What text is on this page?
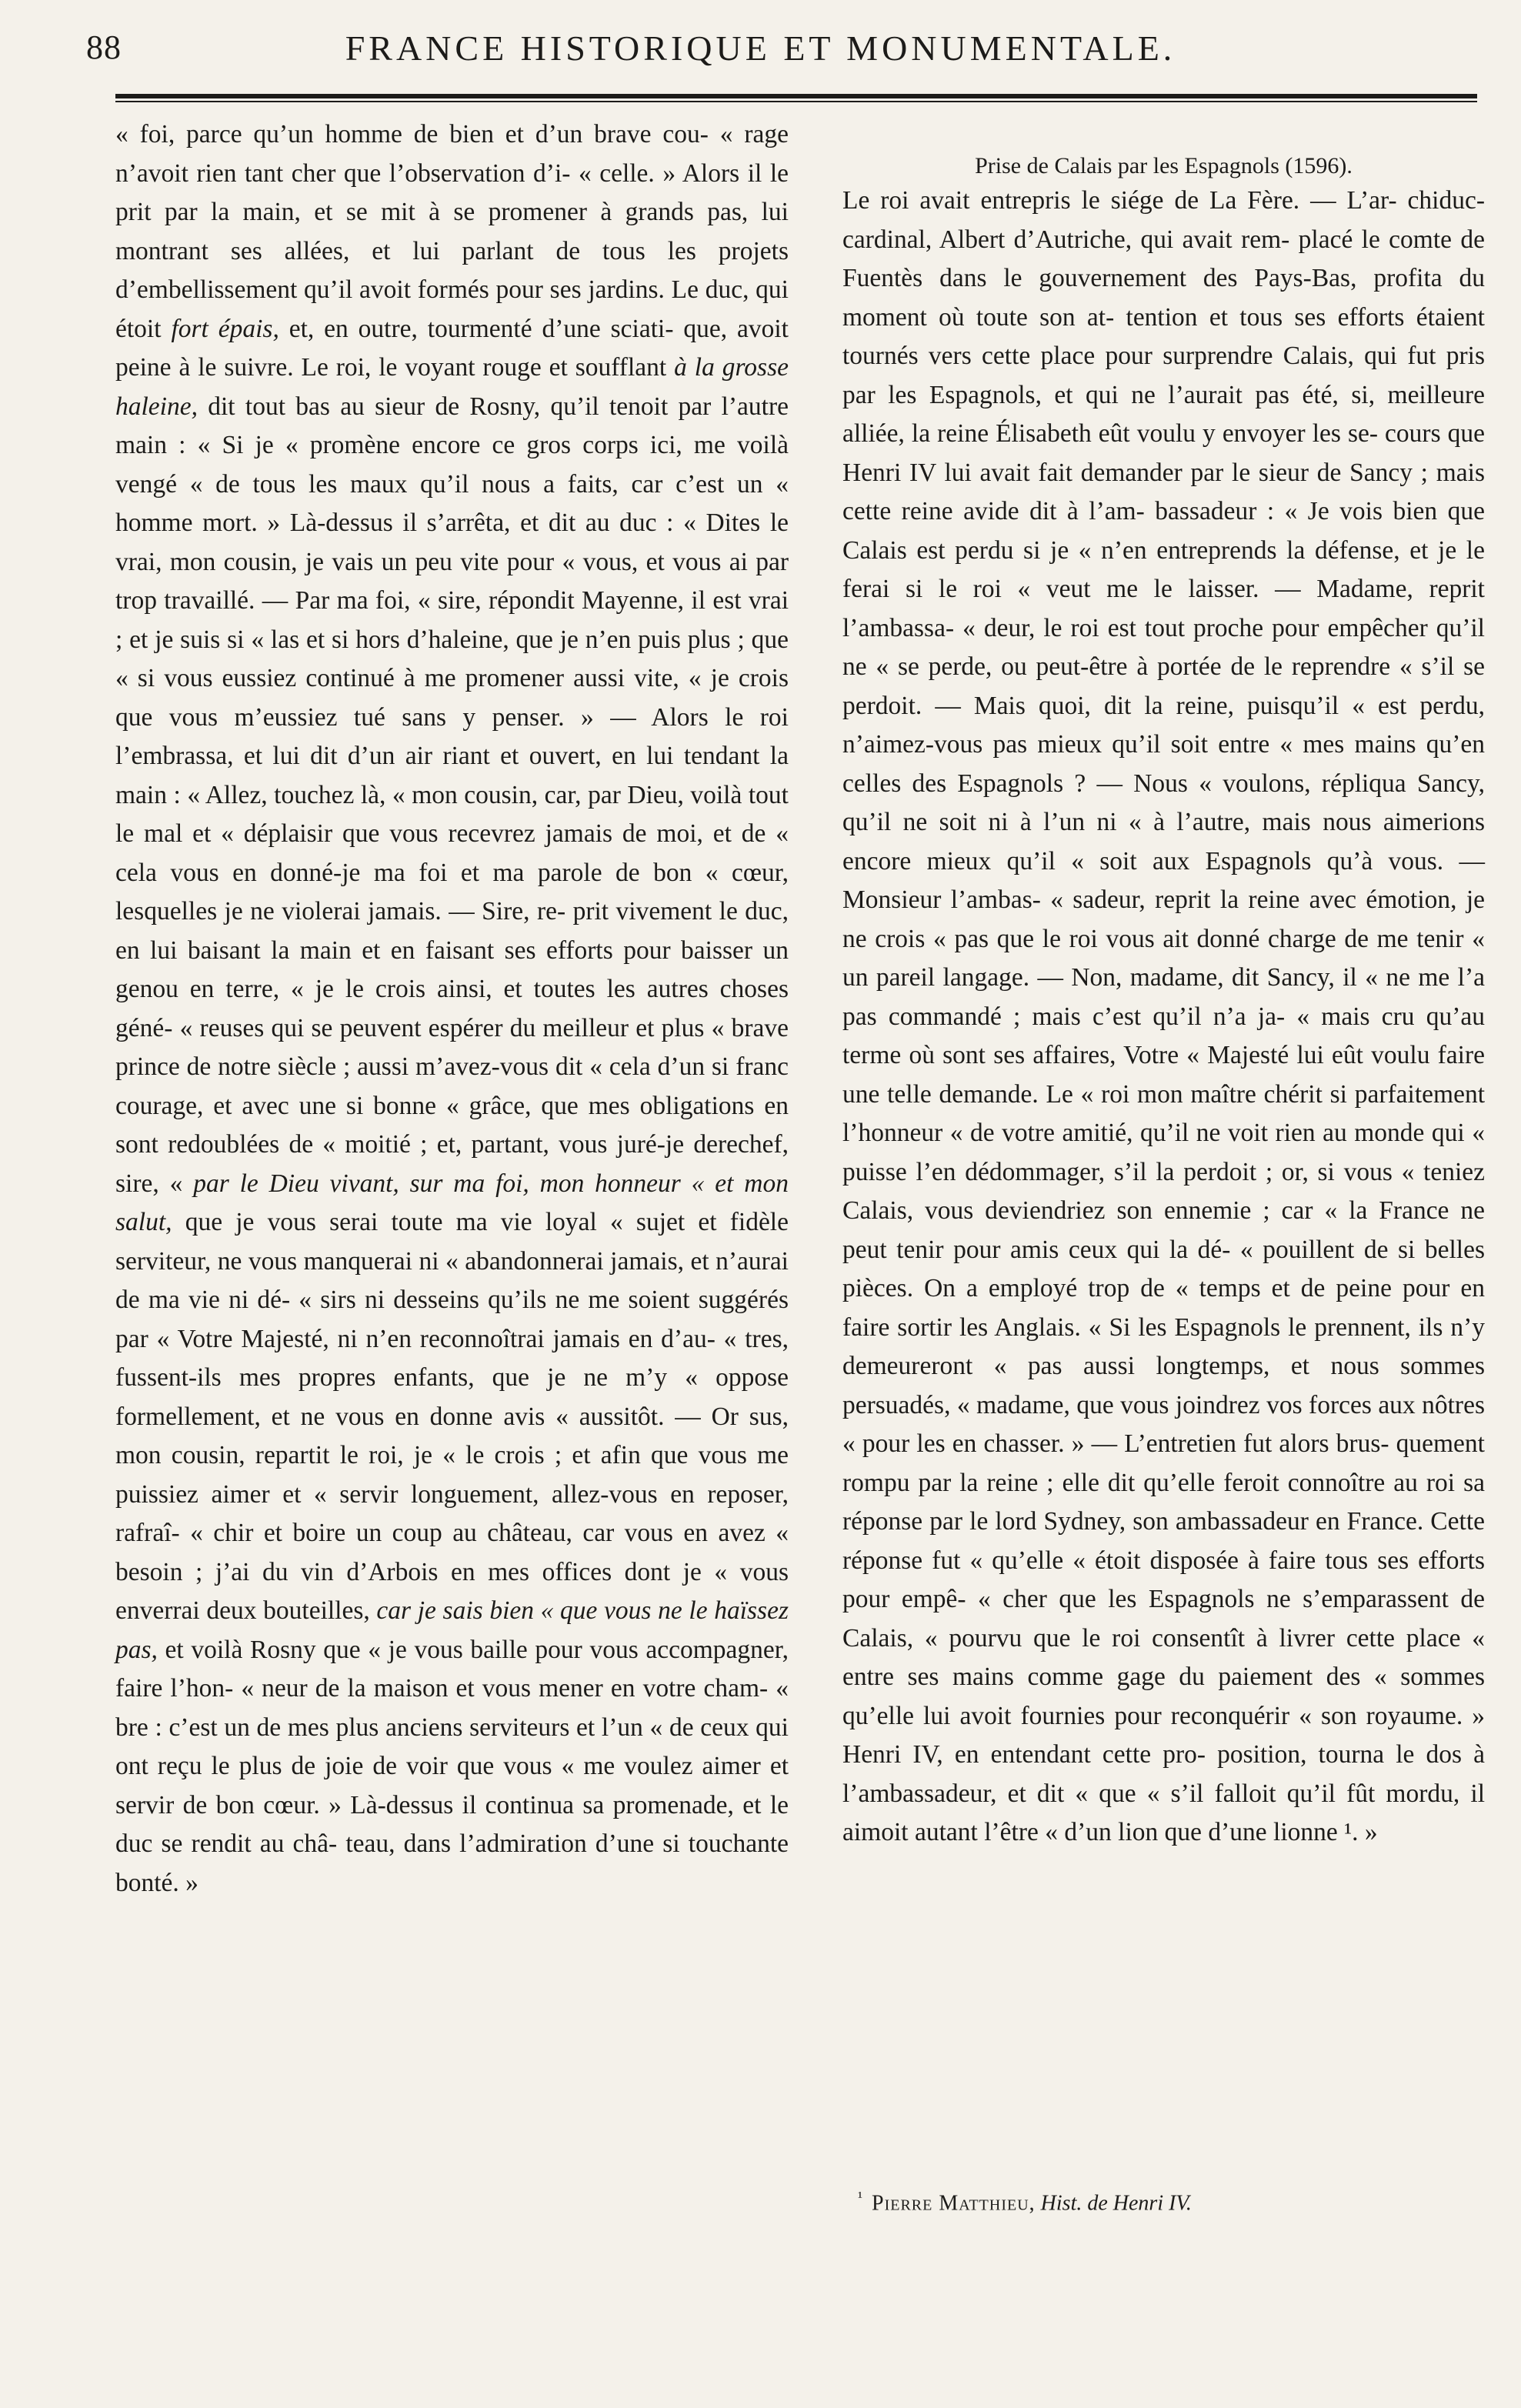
88	FRANCE HISTORIQUE ET MONUMENTALE.

« foi, parce qu’un homme de bien et d’un brave cou- « rage n’avoit rien tant cher que l’observation d’i- « celle. » Alors il le prit par la main, et se mit à se promener à grands pas, lui montrant ses allées, et lui parlant de tous les projets d’embellissement qu’il avoit formés pour ses jardins. Le duc, qui étoit fort épais, et, en outre, tourmenté d’une sciati- que, avoit peine à le suivre. Le roi, le voyant rouge et soufflant à la grosse haleine, dit tout bas au sieur de Rosny, qu’il tenoit par l’autre main : « Si je « promène encore ce gros corps ici, me voilà vengé « de tous les maux qu’il nous a faits, car c’est un « homme mort. » Là-dessus il s’arrêta, et dit au duc : « Dites le vrai, mon cousin, je vais un peu vite pour « vous, et vous ai par trop travaillé. — Par ma foi, « sire, répondit Mayenne, il est vrai ; et je suis si « las et si hors d’haleine, que je n’en puis plus ; que « si vous eussiez continué à me promener aussi vite, « je crois que vous m’eussiez tué sans y penser. » — Alors le roi l’embrassa, et lui dit d’un air riant et ouvert, en lui tendant la main : « Allez, touchez là, « mon cousin, car, par Dieu, voilà tout le mal et « déplaisir que vous recevrez jamais de moi, et de « cela vous en donné-je ma foi et ma parole de bon « cœur, lesquelles je ne violerai jamais. — Sire, re- prit vivement le duc, en lui baisant la main et en faisant ses efforts pour baisser un genou en terre, « je le crois ainsi, et toutes les autres choses géné- « reuses qui se peuvent espérer du meilleur et plus « brave prince de notre siècle ; aussi m’avez-vous dit « cela d’un si franc courage, et avec une si bonne « grâce, que mes obligations en sont redoublées de « moitié ; et, partant, vous juré-je derechef, sire, « par le Dieu vivant, sur ma foi, mon honneur « et mon salut, que je vous serai toute ma vie loyal « sujet et fidèle serviteur, ne vous manquerai ni « abandonnerai jamais, et n’aurai de ma vie ni dé- « sirs ni desseins qu’ils ne me soient suggérés par « Votre Majesté, ni n’en reconnoîtrai jamais en d’au- « tres, fussent-ils mes propres enfants, que je ne m’y « oppose formellement, et ne vous en donne avis « aussitôt. — Or sus, mon cousin, repartit le roi, je « le crois ; et afin que vous me puissiez aimer et « servir longuement, allez-vous en reposer, rafraî- « chir et boire un coup au château, car vous en avez « besoin ; j’ai du vin d’Arbois en mes offices dont je « vous enverrai deux bouteilles, car je sais bien « que vous ne le haïssez pas, et voilà Rosny que « je vous baille pour vous accompagner, faire l’hon- « neur de la maison et vous mener en votre cham- « bre : c’est un de mes plus anciens serviteurs et l’un « de ceux qui ont reçu le plus de joie de voir que vous « me voulez aimer et servir de bon cœur. » Là-dessus il continua sa promenade, et le duc se rendit au châ- teau, dans l’admiration d’une si touchante bonté. »

Prise de Calais par les Espagnols (1596).

Le roi avait entrepris le siége de La Fère. — L’ar- chiduc-cardinal, Albert d’Autriche, qui avait rem- placé le comte de Fuentès dans le gouvernement des Pays-Bas, profita du moment où toute son at- tention et tous ses efforts étaient tournés vers cette place pour surprendre Calais, qui fut pris par les Espagnols, et qui ne l’aurait pas été, si, meilleure alliée, la reine Élisabeth eût voulu y envoyer les se- cours que Henri IV lui avait fait demander par le sieur de Sancy ; mais cette reine avide dit à l’am- bassadeur : « Je vois bien que Calais est perdu si je « n’en entreprends la défense, et je le ferai si le roi « veut me le laisser. — Madame, reprit l’ambassa- « deur, le roi est tout proche pour empêcher qu’il ne « se perde, ou peut-être à portée de le reprendre « s’il se perdoit. — Mais quoi, dit la reine, puisqu’il « est perdu, n’aimez-vous pas mieux qu’il soit entre « mes mains qu’en celles des Espagnols ? — Nous « voulons, répliqua Sancy, qu’il ne soit ni à l’un ni « à l’autre, mais nous aimerions encore mieux qu’il « soit aux Espagnols qu’à vous. — Monsieur l’ambas- « sadeur, reprit la reine avec émotion, je ne crois « pas que le roi vous ait donné charge de me tenir « un pareil langage. — Non, madame, dit Sancy, il « ne me l’a pas commandé ; mais c’est qu’il n’a ja- « mais cru qu’au terme où sont ses affaires, Votre « Majesté lui eût voulu faire une telle demande. Le « roi mon maître chérit si parfaitement l’honneur « de votre amitié, qu’il ne voit rien au monde qui « puisse l’en dédommager, s’il la perdoit ; or, si vous « teniez Calais, vous deviendriez son ennemie ; car « la France ne peut tenir pour amis ceux qui la dé- « pouillent de si belles pièces. On a employé trop de « temps et de peine pour en faire sortir les Anglais. « Si les Espagnols le prennent, ils n’y demeureront « pas aussi longtemps, et nous sommes persuadés, « madame, que vous joindrez vos forces aux nôtres « pour les en chasser. » — L’entretien fut alors brus- quement rompu par la reine ; elle dit qu’elle feroit connoître au roi sa réponse par le lord Sydney, son ambassadeur en France. Cette réponse fut « qu’elle « étoit disposée à faire tous ses efforts pour empê- « cher que les Espagnols ne s’emparassent de Calais, « pourvu que le roi consentît à livrer cette place « entre ses mains comme gage du paiement des « sommes qu’elle lui avoit fournies pour reconquérir « son royaume. » Henri IV, en entendant cette pro- position, tourna le dos à l’ambassadeur, et dit « que « s’il falloit qu’il fût mordu, il aimoit autant l’être « d’un lion que d’une lionne ¹. »

$^{^1}$ Pierre Matthieu, Hist. de Henri IV.
